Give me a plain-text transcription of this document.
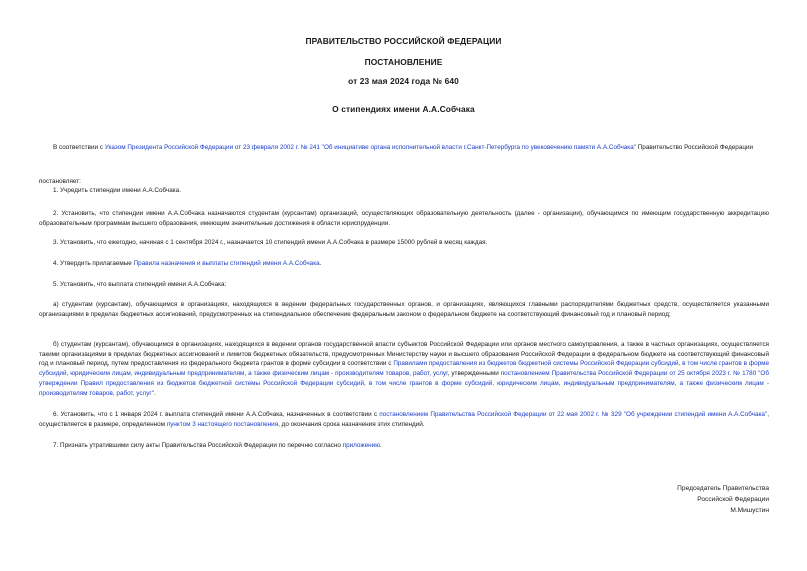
ПРАВИТЕЛЬСТВО РОССИЙСКОЙ ФЕДЕРАЦИИ
ПОСТАНОВЛЕНИЕ
от 23 мая 2024 года № 640
О стипендиях имени А.А.Собчака

В соответствии с Указом Президента Российской Федерации от 23 февраля 2002 г. № 241 "Об инициативе органа исполнительной власти г.Санкт-Петербурга по увековечению памяти А.А.Собчака" Правительство Российской Федерации

постановляет:

1. Учредить стипендии имени А.А.Собчака.

2. Установить, что стипендии имени А.А.Собчака назначаются студентам (курсантам) организаций, осуществляющих образовательную деятельность (далее - организации), обучающимся по имеющим государственную аккредитацию образовательным программам высшего образования, имеющим значительные достижения в области юриспруденции.

3. Установить, что ежегодно, начиная с 1 сентября 2024 г., назначается 10 стипендий имени А.А.Собчака в размере 15000 рублей в месяц каждая.

4. Утвердить прилагаемые Правила назначения и выплаты стипендий имени А.А.Собчака.

5. Установить, что выплата стипендий имени А.А.Собчака:

а) студентам (курсантам), обучающимся в организациях, находящихся в ведении федеральных государственных органов, и организациях, являющихся главными распорядителями бюджетных средств, осуществляется указанными организациями в пределах бюджетных ассигнований, предусмотренных на стипендиальное обеспечение федеральным законом о федеральном бюджете на соответствующий финансовый год и плановый период;

б) студентам (курсантам), обучающимся в организациях, находящихся в ведении органов государственной власти субъектов Российской Федерации или органов местного самоуправления, а также в частных организациях, осуществляется такими организациями в пределах бюджетных ассигнований и лимитов бюджетных обязательств, предусмотренных Министерству науки и высшего образования Российской Федерации в федеральном бюджете на соответствующий финансовый год и плановый период, путем предоставления из федерального бюджета грантов в форме субсидии в соответствии с Правилами предоставления из бюджетов бюджетной системы Российской Федерации субсидий, в том числе грантов в форме субсидий, юридическим лицам, индивидуальным предпринимателям, а также физическим лицам - производителям товаров, работ, услуг, утвержденными постановлением Правительства Российской Федерации от 25 октября 2023 г. № 1780 "Об утверждении Правил предоставления из бюджетов бюджетной системы Российской Федерации субсидий, в том числе грантов в форме субсидий, юридическим лицам, индивидуальным предпринимателям, а также физическим лицам - производителям товаров, работ, услуг".

6. Установить, что с 1 января 2024 г. выплата стипендий имени А.А.Собчака, назначенных в соответствии с постановлением Правительства Российской Федерации от 22 мая 2002 г. № 329 "Об учреждении стипендий имени А.А.Собчака", осуществляется в размере, определенном пунктом 3 настоящего постановления, до окончания срока назначения этих стипендий.

7. Признать утратившими силу акты Правительства Российской Федерации по перечню согласно приложению.

Председатель Правительства
Российской Федерации
М.Мишустин
